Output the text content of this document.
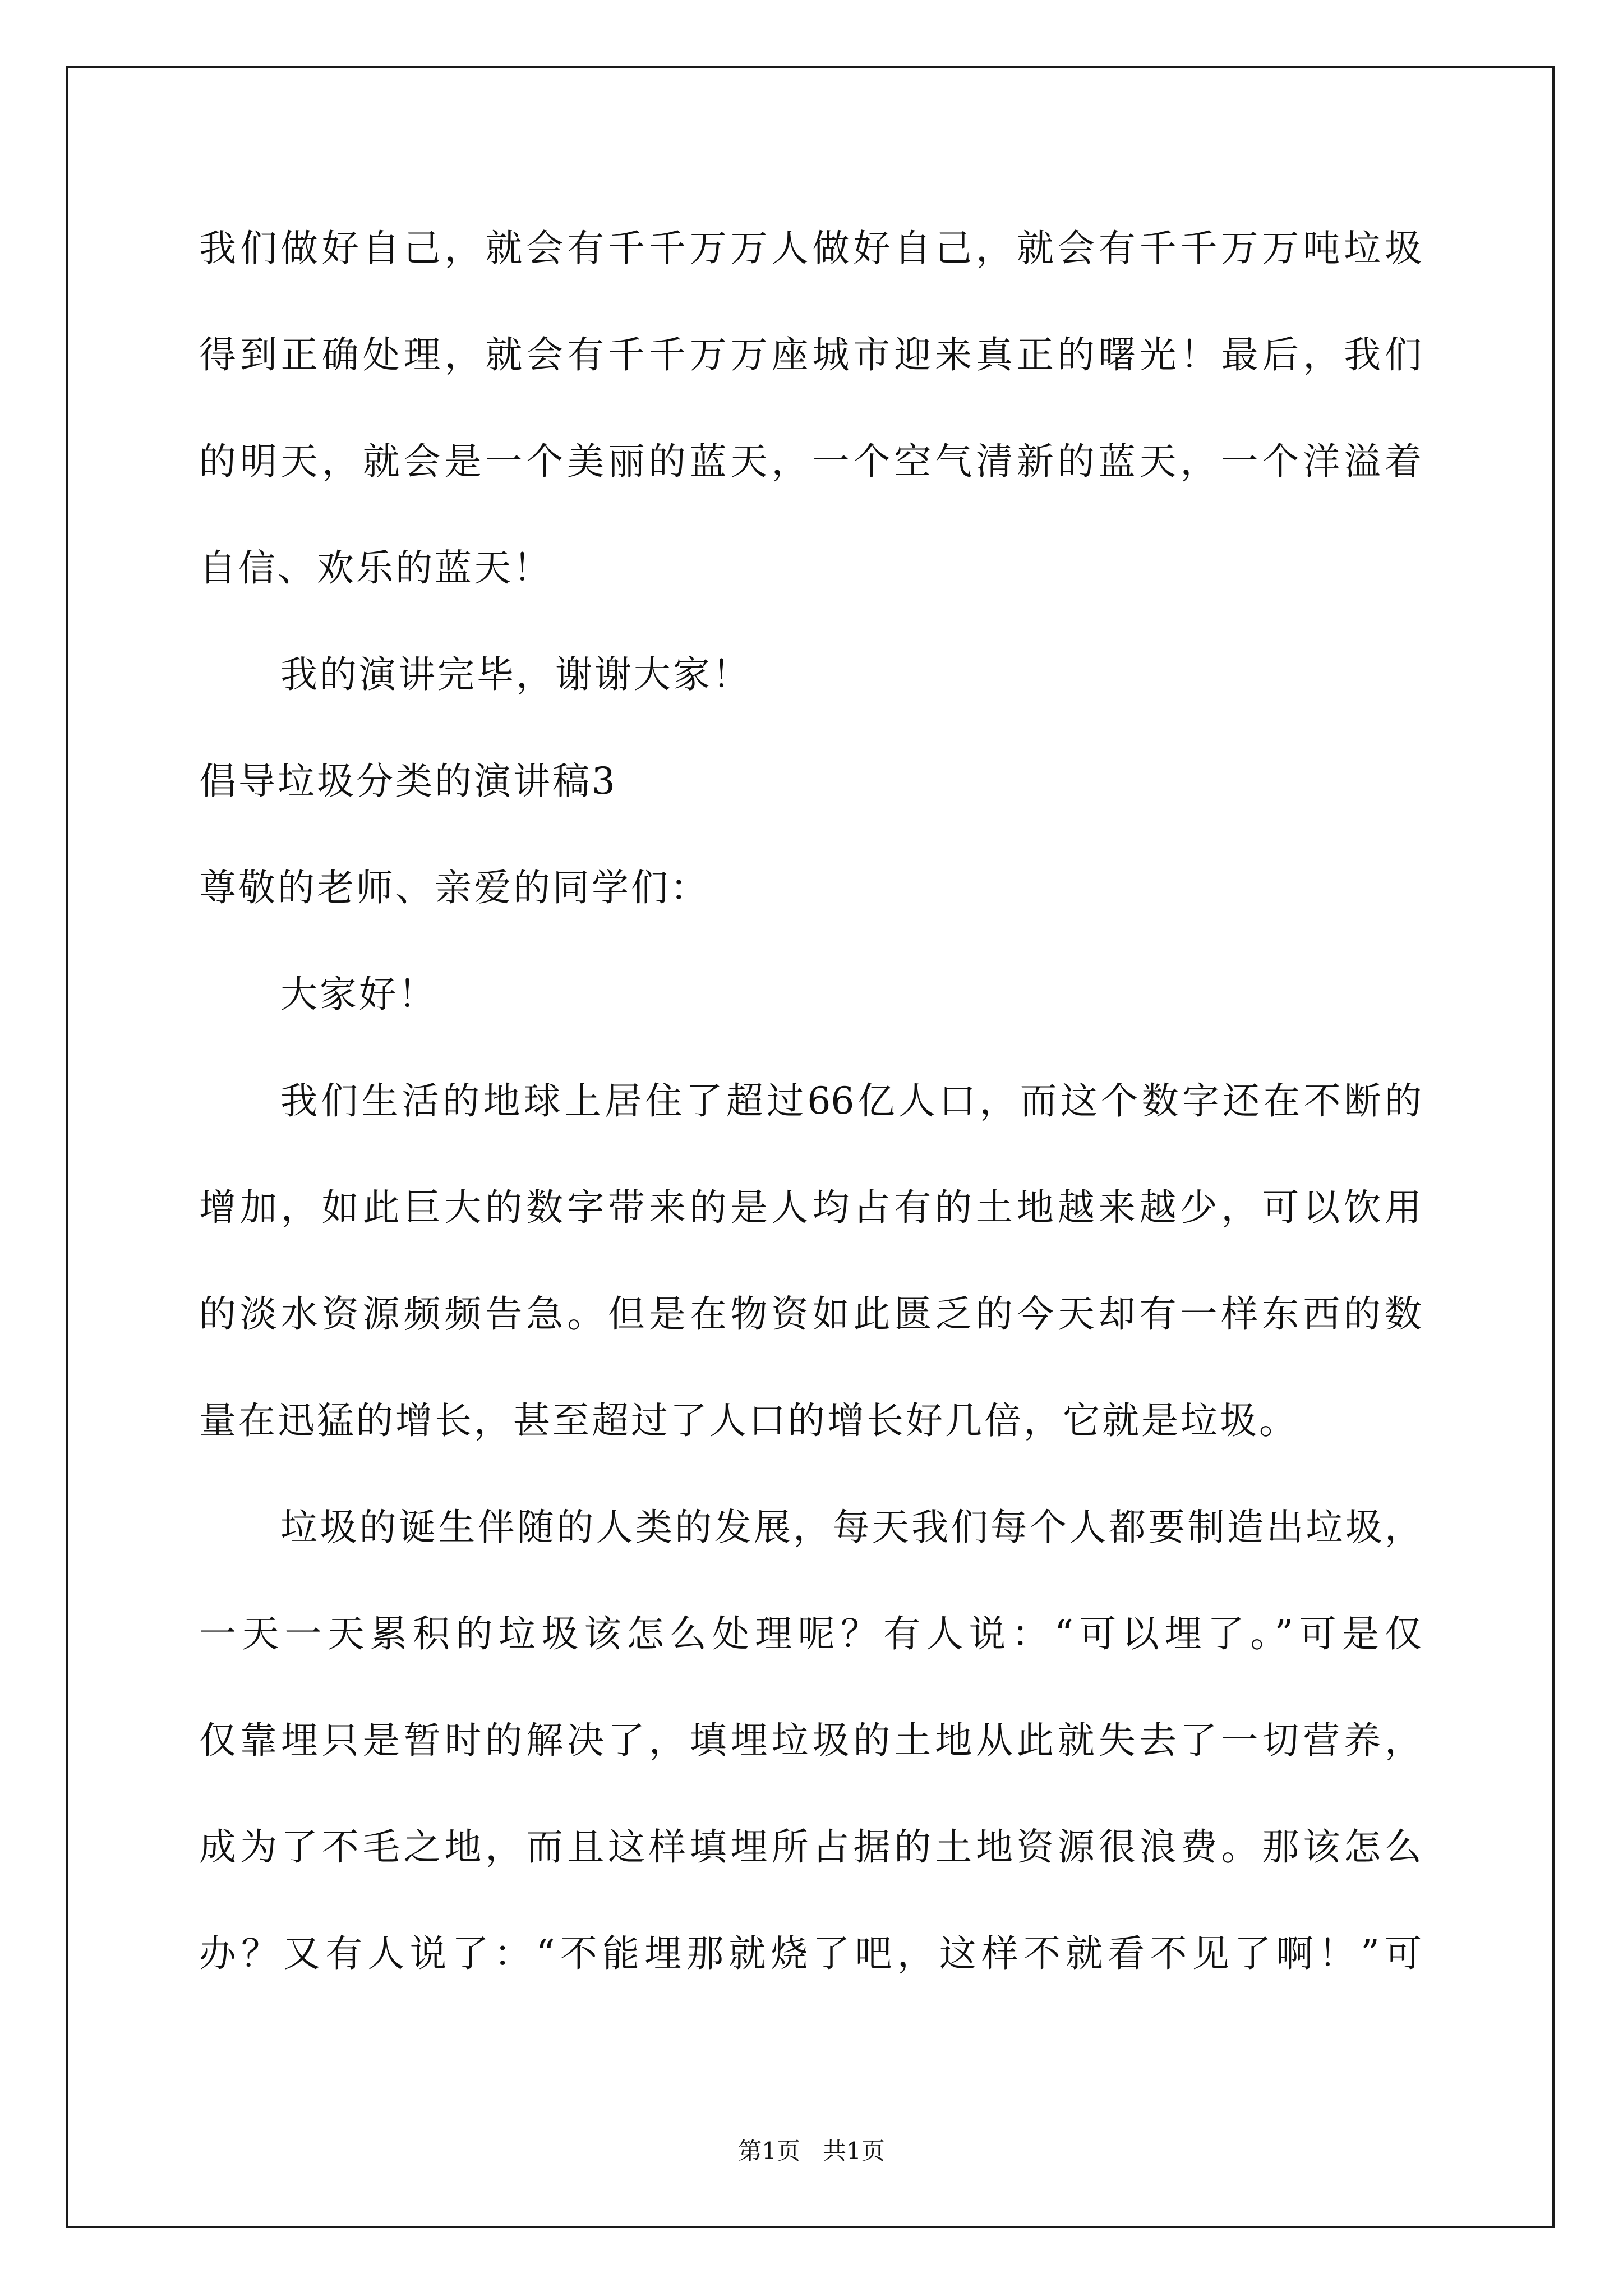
我们做好自己，就会有千千万万人做好自己，就会有千千万万吨垃圾
得到正确处理，就会有千千万万座城市迎来真正的曙光！最后，我们
的明天，就会是一个美丽的蓝天，一个空气清新的蓝天，一个洋溢着
自信、欢乐的蓝天！
我的演讲完毕，谢谢大家！
倡导垃圾分类的演讲稿3
尊敬的老师、亲爱的同学们：
大家好！
我们生活的地球上居住了超过66亿人口，而这个数字还在不断的
增加，如此巨大的数字带来的是人均占有的土地越来越少，可以饮用
的淡水资源频频告急。但是在物资如此匮乏的今天却有一样东西的数
量在迅猛的增长，甚至超过了人口的增长好几倍，它就是垃圾。
垃圾的诞生伴随的人类的发展，每天我们每个人都要制造出垃圾，
一天一天累积的垃圾该怎么处理呢？有人说：“可以埋了。”可是仅
仅靠埋只是暂时的解决了，填埋垃圾的土地从此就失去了一切营养，
成为了不毛之地，而且这样填埋所占据的土地资源很浪费。那该怎么
办？又有人说了：“不能埋那就烧了吧，这样不就看不见了啊！”可
第1页   共1页
